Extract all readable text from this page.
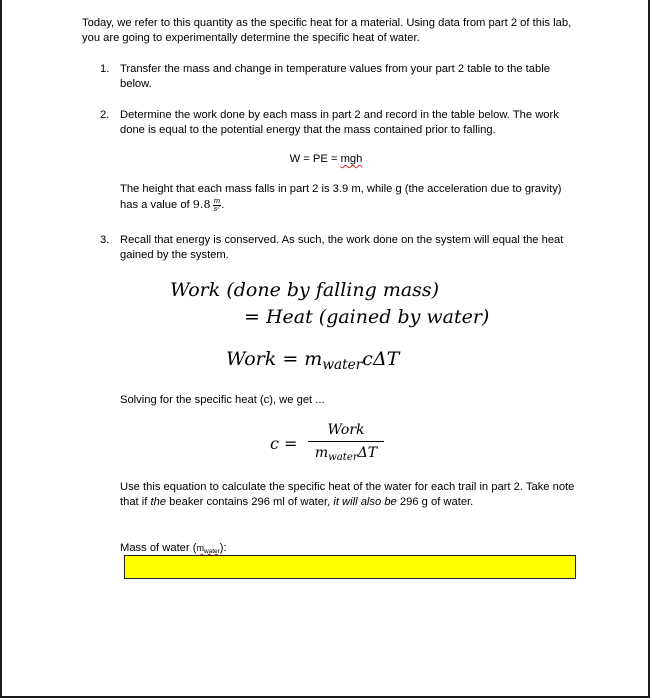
Today, we refer to this quantity as the specific heat for a material. Using data from part 2 of this lab, you are going to experimentally determine the specific heat of water.
1. Transfer the mass and change in temperature values from your part 2 table to the table below.
2. Determine the work done by each mass in part 2 and record in the table below. The work done is equal to the potential energy that the mass contained prior to falling.
3. Recall that energy is conserved. As such, the work done on the system will equal the heat gained by the system.
W = PE = mgh
The height that each mass falls in part 2 is 3.9 m, while g (the acceleration due to gravity) has a value of $9.8 \frac{m}{\text{s²}}$ .
Work (done by falling mass)
= Heat (gained by water)
Work = $m_{water}c\Delta T$
Solving for the specific heat (c), we get ...
c =
Work
$m_{water}\Delta T$
Use this equation to calculate the specific heat of the water for each trail in part 2. Take note that if the beaker contains 296 ml of water, it will also be 296 g of water.
Mass of water $(m_{water})$:
